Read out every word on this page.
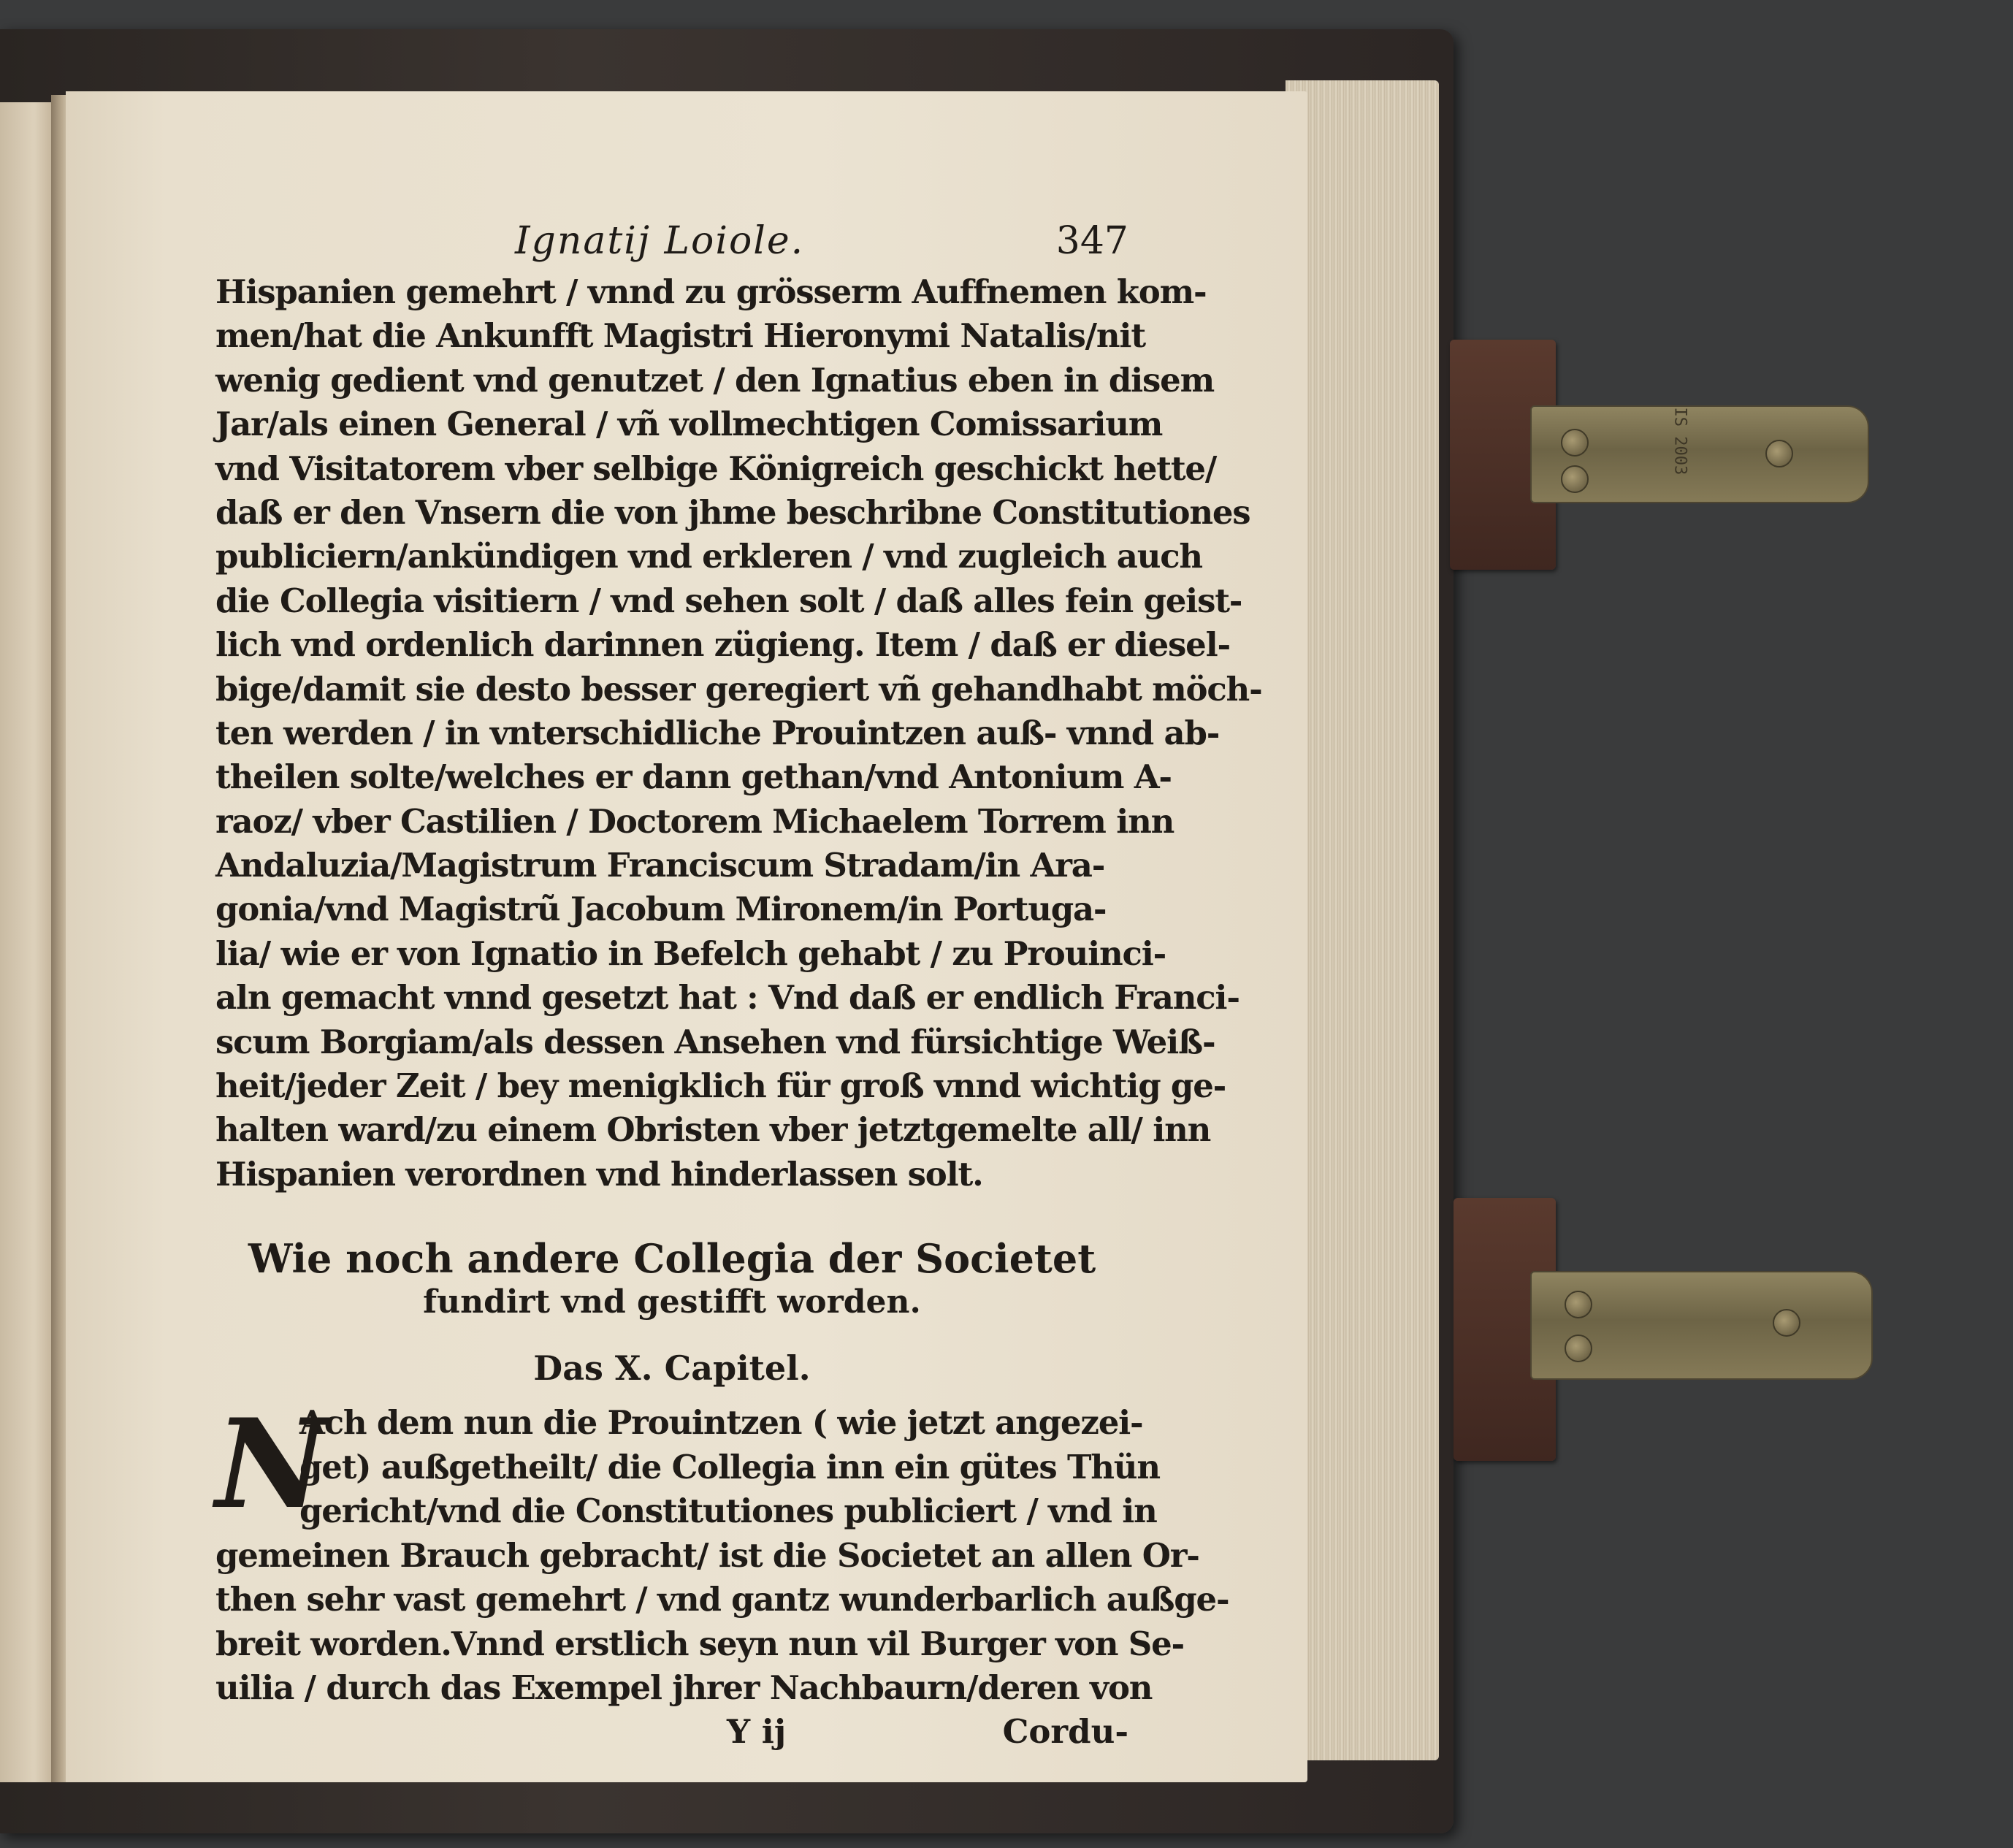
IS 2003
Ignatij Loiole.	347
Hispanien gemehrt / vnnd zu grösserm Auffnemen kom-
men/hat die Ankunfft Magistri Hieronymi Natalis/nit
wenig gedient vnd genutzet / den Ignatius eben in disem
Jar/als einen General / vñ vollmechtigen Comissarium
vnd Visitatorem vber selbige Königreich geschickt hette/
daß er den Vnsern die von jhme beschribne Constitutiones
publiciern/ankündigen vnd erkleren / vnd zugleich auch
die Collegia visitiern / vnd sehen solt / daß alles fein geist-
lich vnd ordenlich darinnen zügieng. Item / daß er diesel-
bige/damit sie desto besser geregiert vñ gehandhabt möch-
ten werden / in vnterschidliche Prouintzen auß- vnnd ab-
theilen solte/welches er dann gethan/vnd Antonium A-
raoz/ vber Castilien / Doctorem Michaelem Torrem inn
Andaluzia/Magistrum Franciscum Stradam/in Ara-
gonia/vnd Magistrũ Jacobum Mironem/in Portuga-
lia/ wie er von Ignatio in Befelch gehabt / zu Prouinci-
aln gemacht vnnd gesetzt hat : Vnd daß er endlich Franci-
scum Borgiam/als dessen Ansehen vnd fürsichtige Weiß-
heit/jeder Zeit / bey menigklich für groß vnnd wichtig ge-
halten ward/zu einem Obristen vber jetztgemelte all/ inn
Hispanien verordnen vnd hinderlassen solt.
Wie noch andere Collegia der Societet
fundirt vnd gestifft worden.
Das X. Capitel.
N
Ach dem nun die Prouintzen ( wie jetzt angezei-
get) außgetheilt/ die Collegia inn ein gütes Thün
gericht/vnd die Constitutiones publiciert / vnd in
gemeinen Brauch gebracht/ ist die Societet an allen Or-
then sehr vast gemehrt / vnd gantz wunderbarlich außge-
breit worden.Vnnd erstlich seyn nun vil Burger von Se-
uilia / durch das Exempel jhrer Nachbaurn/deren von
Y ij	Cordu-
